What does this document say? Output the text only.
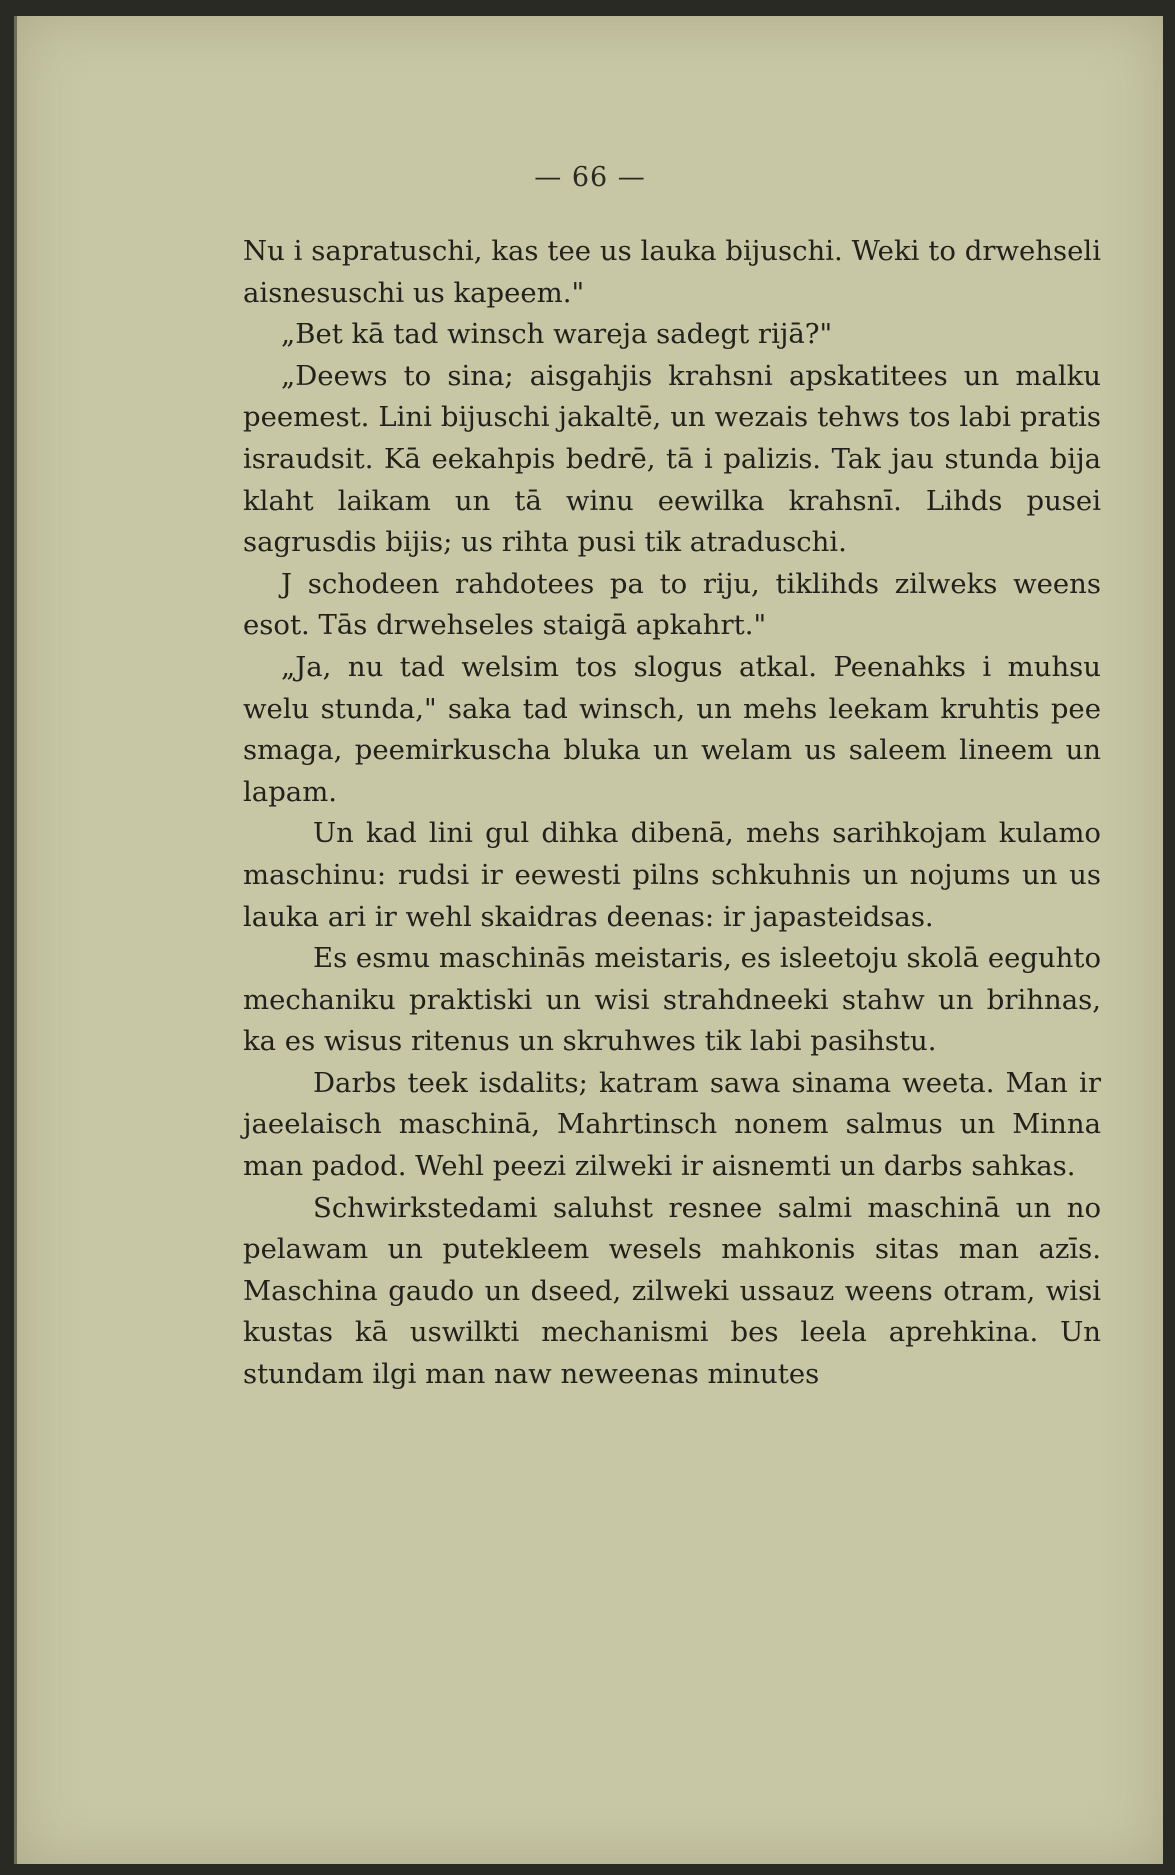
— 66 —

Nu i sapratuschi, kas tee us lauka bijuschi. Weki to drwehseli aisnesuschi us kapeem."

„Bet kā tad winsch wareja sadegt rijā?"

„Deews to sina; aisgahjis krahsni apskatitees un malku peemest. Lini bijuschi jakaltē, un wezais tehws tos labi pratis israudsit. Kā eekahpis bedrē, tā i palizis. Tak jau stunda bija klaht laikam un tā winu eewilka krahsnī. Lihds pusei sagrusdis bijis; us rihta pusi tik atraduschi.

J schodeen rahdotees pa to riju, tiklihds zilweks weens esot. Tās drwehseles staigā apkahrt."

„Ja, nu tad welsim tos slogus atkal. Peenahks i muhsu welu stunda," saka tad winsch, un mehs leekam kruhtis pee smaga, peemirkuscha bluka un welam us saleem lineem un lapam.

Un kad lini gul dihka dibenā, mehs sarihkojam kulamo maschinu: rudsi ir eewesti pilns schkuhnis un nojums un us lauka ari ir wehl skaidras deenas: ir japasteidsas.

Es esmu maschinās meistaris, es isleetoju skolā eeguhto mechaniku praktiski un wisi strahdneeki stahw un brihnas, ka es wisus ritenus un skruhwes tik labi pasihstu.

Darbs teek isdalits; katram sawa sinama weeta. Man ir jaeelaisch maschinā, Mahrtinsch nonem salmus un Minna man padod. Wehl peezi zilweki ir aisnemti un darbs sahkas.

Schwirkstedami saluhst resnee salmi maschinā un no pelawam un putekleem wesels mahkonis sitas man azīs. Maschina gaudo un dseed, zilweki ussauz weens otram, wisi kustas kā uswilkti mechanismi bes leela aprehkina. Un stundam ilgi man naw neweenas minutes
